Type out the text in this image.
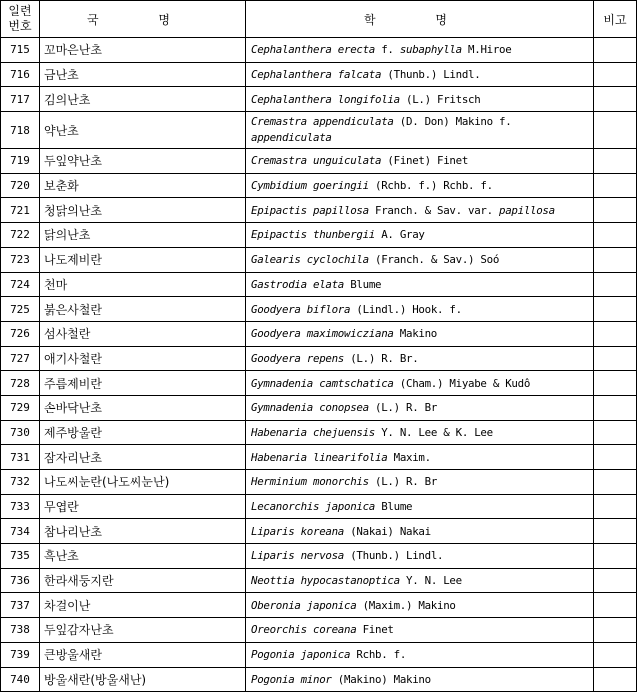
일련
번호	국 명	학 명	비고
715	꼬마은난초	Cephalanthera erecta f. subaphylla M.Hiroe	
716	금난초	Cephalanthera falcata (Thunb.) Lindl.	
717	김의난초	Cephalanthera longifolia (L.) Fritsch	
718	약난초	Cremastra appendiculata (D. Don) Makino f. appendiculata	
719	두잎약난초	Cremastra unguiculata (Finet) Finet	
720	보춘화	Cymbidium goeringii (Rchb. f.) Rchb. f.	
721	청닭의난초	Epipactis papillosa Franch. & Sav. var. papillosa	
722	닭의난초	Epipactis thunbergii A. Gray	
723	나도제비란	Galearis cyclochila (Franch. & Sav.) Soó	
724	천마	Gastrodia elata Blume	
725	붉은사철란	Goodyera biflora (Lindl.) Hook. f.	
726	섬사철란	Goodyera maximowicziana Makino	
727	애기사철란	Goodyera repens (L.) R. Br.	
728	주름제비란	Gymnadenia camtschatica (Cham.) Miyabe & Kudô	
729	손바닥난초	Gymnadenia conopsea (L.) R. Br	
730	제주방울란	Habenaria chejuensis Y. N. Lee & K. Lee	
731	잠자리난초	Habenaria linearifolia Maxim.	
732	나도씨눈란(나도씨눈난)	Herminium monorchis (L.) R. Br	
733	무엽란	Lecanorchis japonica Blume	
734	참나리난초	Liparis koreana (Nakai) Nakai	
735	흑난초	Liparis nervosa (Thunb.) Lindl.	
736	한라새둥지란	Neottia hypocastanoptica Y. N. Lee	
737	차걸이난	Oberonia japonica (Maxim.) Makino	
738	두잎감자난초	Oreorchis coreana Finet	
739	큰방울새란	Pogonia japonica Rchb. f.	
740	방울새란(방울새난)	Pogonia minor (Makino) Makino	
